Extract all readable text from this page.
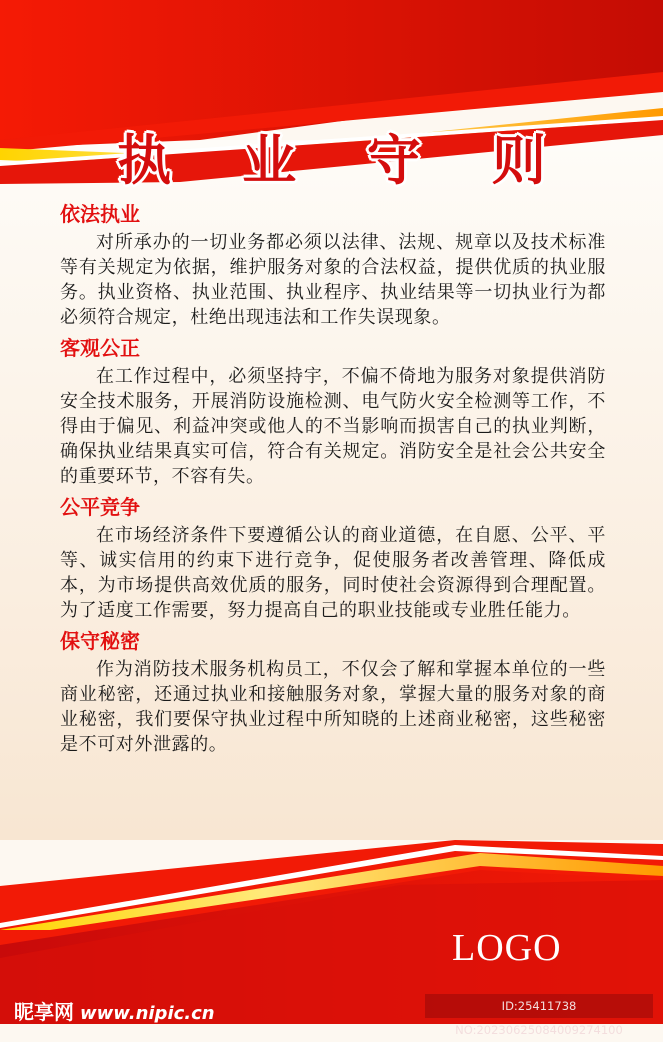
执 业 守 则
依法执业

对所承办的一切业务都必须以法律、法规、规章以及技术标准等有关规定为依据，维护服务对象的合法权益，提供优质的执业服务。执业资格、执业范围、执业程序、执业结果等一切执业行为都必须符合规定，杜绝出现违法和工作失误现象。

客观公正

在工作过程中，必须坚持宇，不偏不倚地为服务对象提供消防安全技术服务，开展消防设施检测、电气防火安全检测等工作，不得由于偏见、利益冲突或他人的不当影响而损害自己的执业判断，确保执业结果真实可信，符合有关规定。消防安全是社会公共安全的重要环节，不容有失。

公平竞争

在市场经济条件下要遵循公认的商业道德，在自愿、公平、平等、诚实信用的约束下进行竞争，促使服务者改善管理、降低成本，为市场提供高效优质的服务，同时使社会资源得到合理配置。为了适度工作需要，努力提高自己的职业技能或专业胜任能力。

保守秘密

作为消防技术服务机构员工，不仅会了解和掌握本单位的一些商业秘密，还通过执业和接触服务对象，掌握大量的服务对象的商业秘密，我们要保守执业过程中所知晓的上述商业秘密，这些秘密是不可对外泄露的。

LOGO
昵享网 www.nipic.cn	ID:25411738 NO:20230625084009274100
